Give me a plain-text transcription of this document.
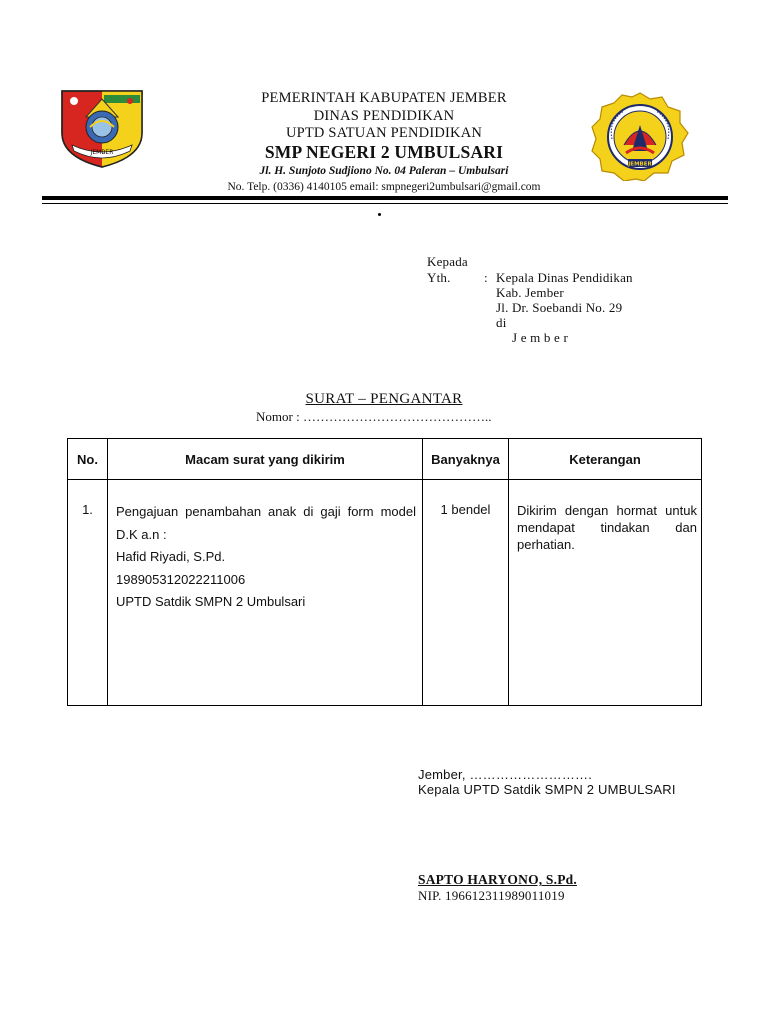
JEMBER
JEMBER
PEMERINTAH KABUPATEN JEMBER
DINAS PENDIDIKAN
UPTD SATUAN PENDIDIKAN
SMP NEGERI 2 UMBULSARI
Jl. H. Sunjoto Sudjiono No. 04 Paleran – Umbulsari
No. Telp. (0336) 4140105 email: smpnegeri2umbulsari@gmail.com
Kepada
Yth.	: Kepala Dinas Pendidikan
Kab. Jember
Jl. Dr. Soebandi No. 29
di
J e m b e r
SURAT – PENGANTAR
Nomor : ……………………………………..
No.	Macam surat yang dikirim	Banyaknya	Keterangan
1.	Pengajuan penambahan anak di gaji form model D.K a.n :
Hafid Riyadi, S.Pd.
198905312022211006
UPTD Satdik SMPN 2 Umbulsari	1 bendel	Dikirim dengan hormat untuk mendapat tindakan dan perhatian.
Jember, ……………………….
Kepala UPTD Satdik SMPN 2 UMBULSARI
SAPTO HARYONO, S.Pd.
NIP. 196612311989011019
